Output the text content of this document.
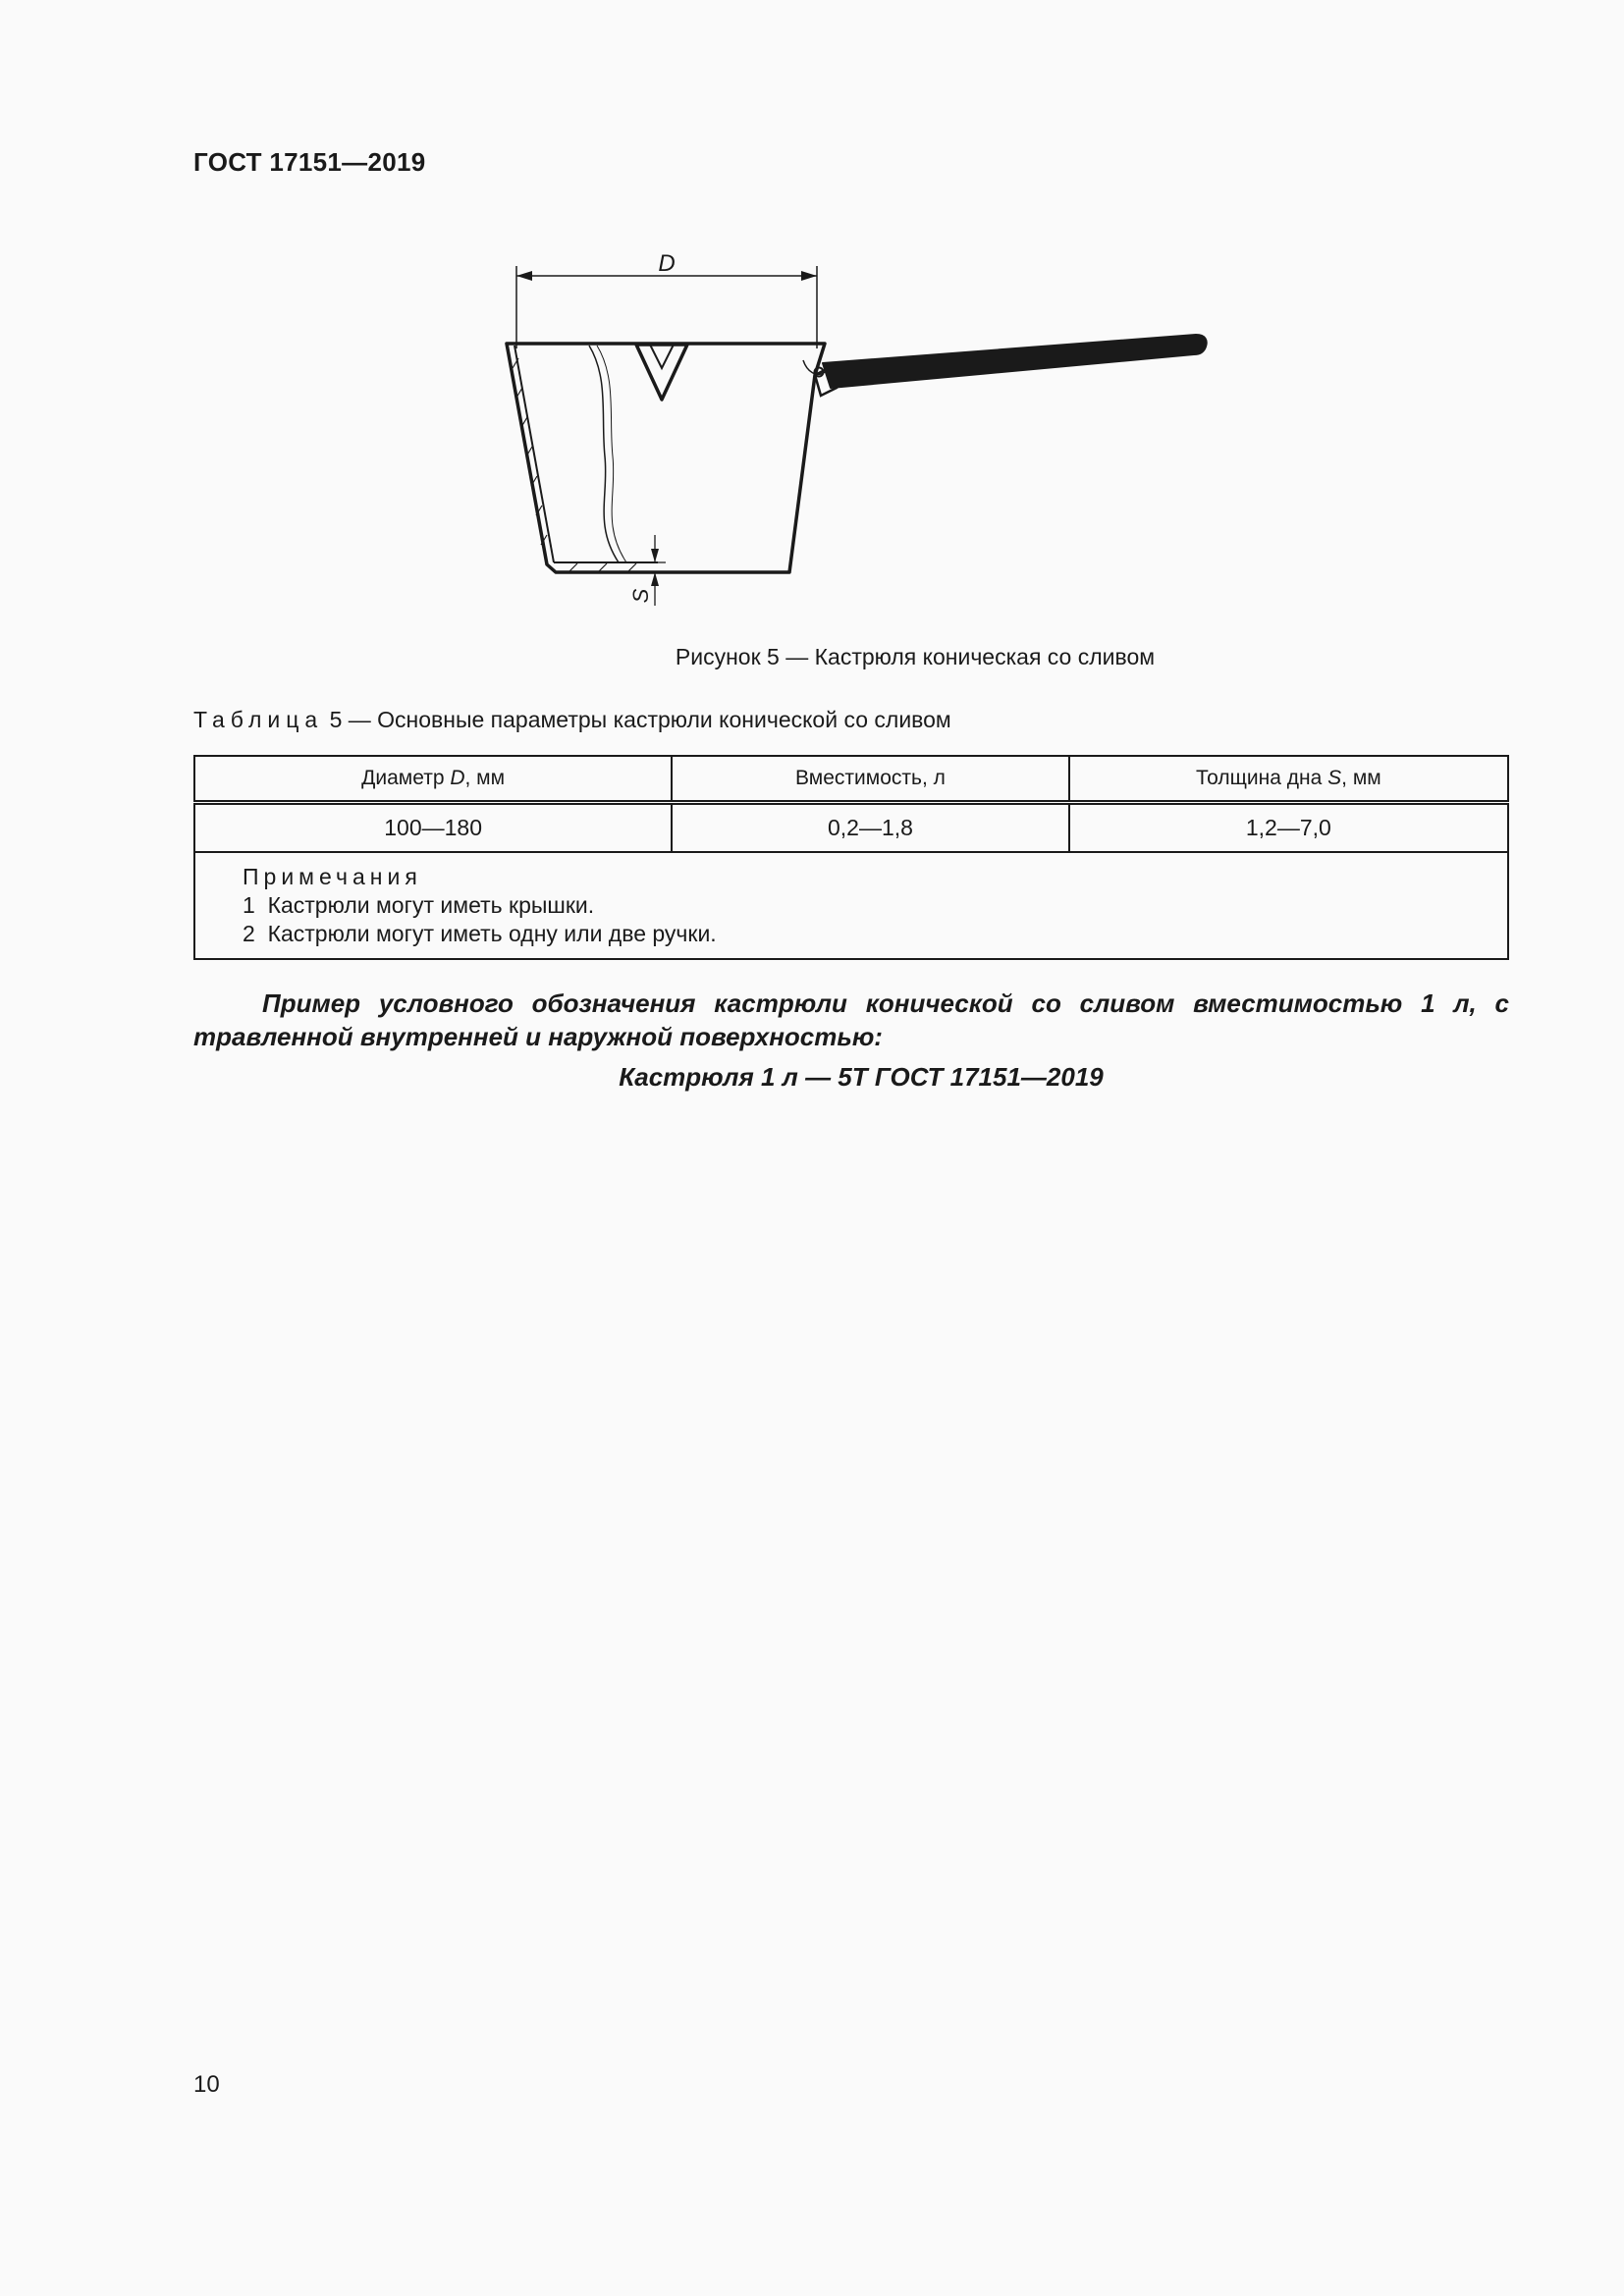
ГОСТ 17151—2019
D
S
Рисунок 5 — Кастрюля коническая со сливом
Таблица 5 — Основные параметры кастрюли конической со сливом
Диаметр D, мм	Вместимость, л	Толщина дна S, мм
100—180	0,2—1,8	1,2—7,0

Примечания
1  Кастрюли могут иметь крышки.
2  Кастрюли могут иметь одну или две ручки.		
Пример условного обозначения кастрюли конической со сливом вместимостью 1 л, с травленной внутренней и наружной поверхностью:
Кастрюля 1 л — 5Т ГОСТ 17151—2019
10
